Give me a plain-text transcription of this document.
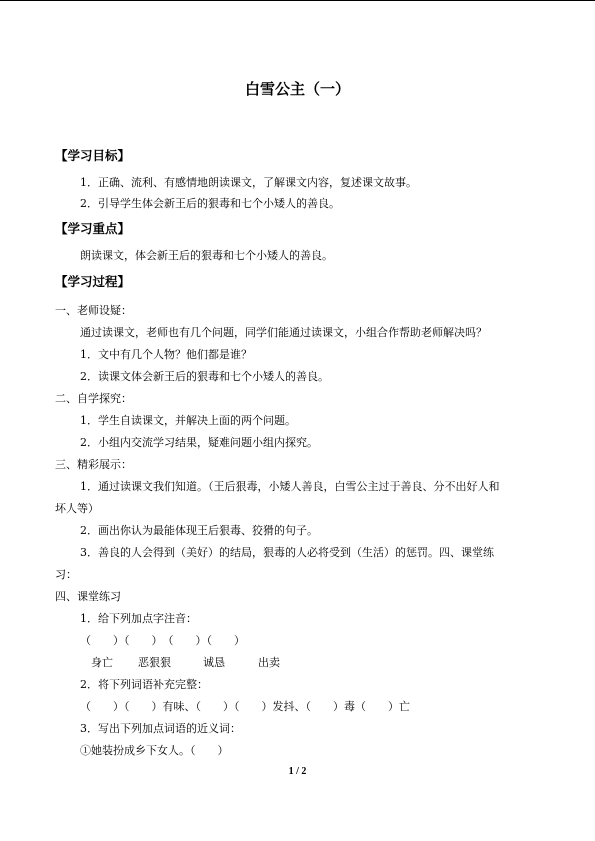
白雪公主（一）
【学习目标】
1．正确、流利、有感情地朗读课文，了解课文内容，复述课文故事。
2．引导学生体会新王后的狠毒和七个小矮人的善良。
【学习重点】
朗读课文，体会新王后的狠毒和七个小矮人的善良。
【学习过程】
一、老师设疑：
通过读课文，老师也有几个问题，同学们能通过读课文，小组合作帮助老师解决吗？
1．文中有几个人物？他们都是谁？
2．读课文体会新王后的狠毒和七个小矮人的善良。
二、自学探究：
1．学生自读课文，并解决上面的两个问题。
2．小组内交流学习结果，疑难问题小组内探究。
三、精彩展示：
1．通过读课文我们知道。（王后狠毒，小矮人善良，白雪公主过于善良、分不出好人和
坏人等）
2．画出你认为最能体现王后狠毒、狡猾的句子。
3．善良的人会得到（美好）的结局，狠毒的人必将受到（生活）的惩罚。四、课堂练
习：
四、课堂练习
1．给下列加点字注音：
（　　）（　　）　（　　）（　　）
身亡 恶狠狠	诚恳	出卖
2．将下列词语补充完整：
（　　）（　　）有味、（　　）（　　）发抖、（　　）毒（　　）亡
3．写出下列加点词语的近义词：
①她装扮成乡下女人。（　　）
1 / 2
